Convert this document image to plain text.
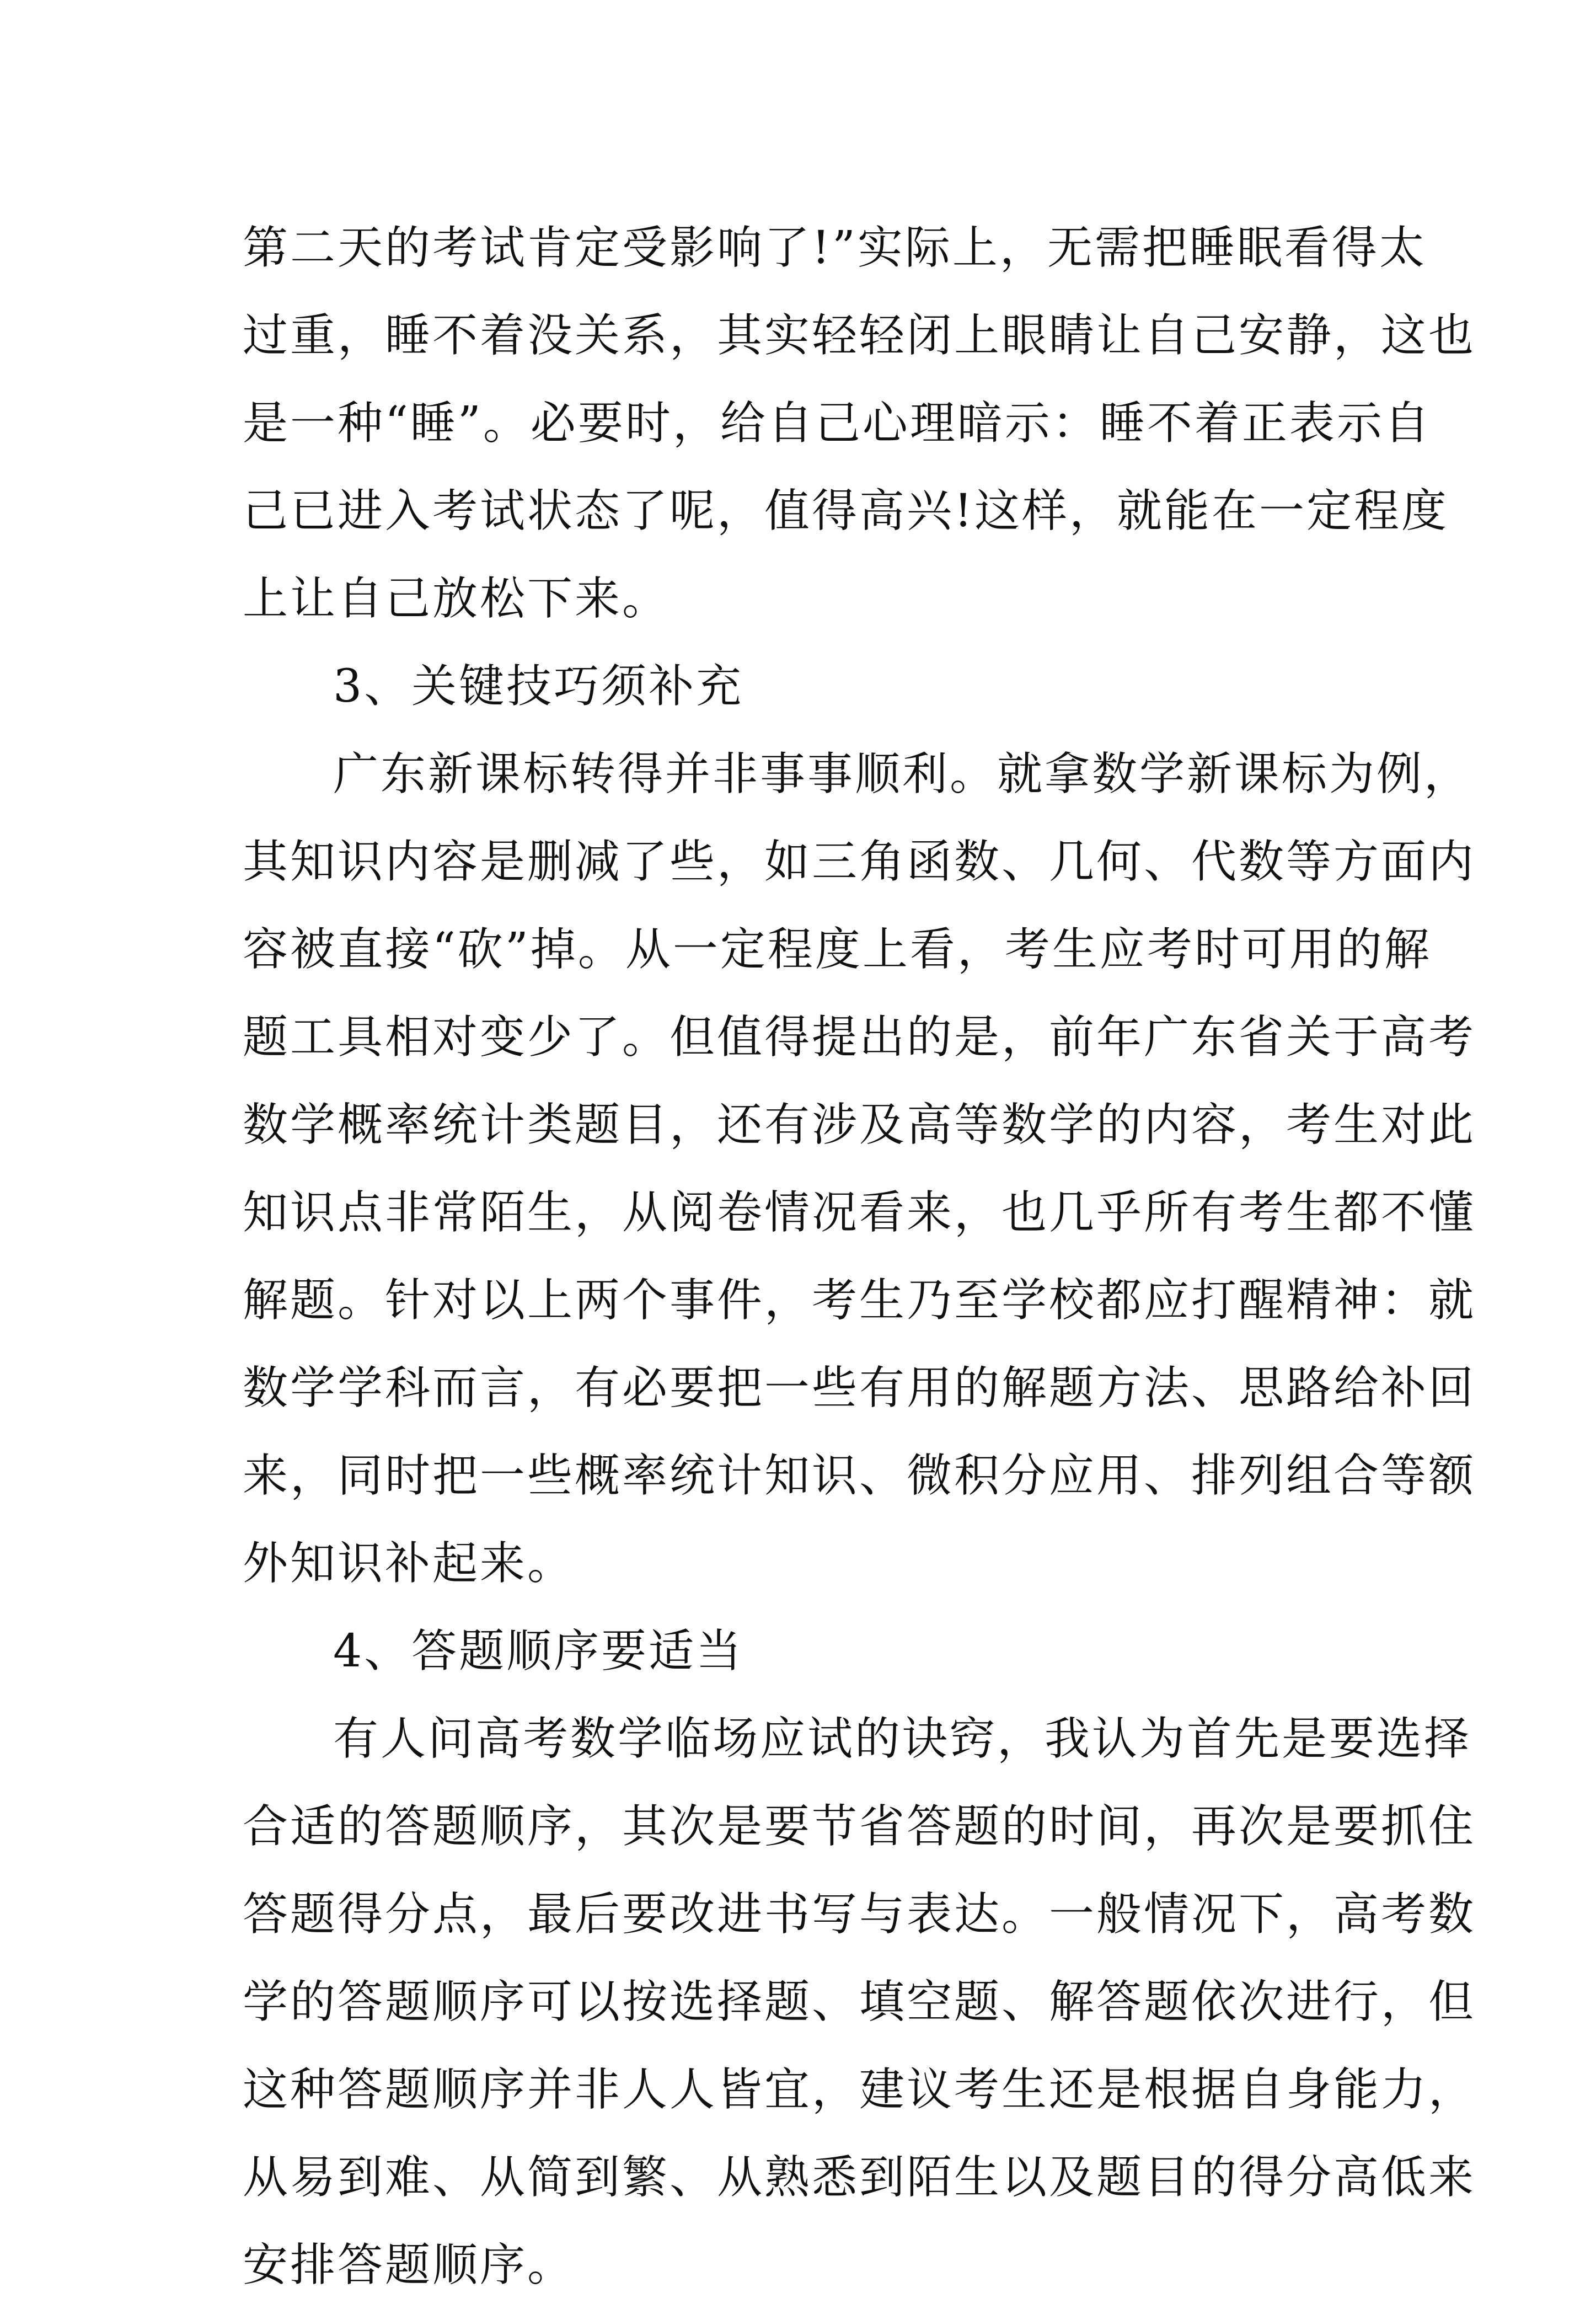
第二天的考试肯定受影响了!”实际上，无需把睡眠看得太
过重，睡不着没关系，其实轻轻闭上眼睛让自己安静，这也
是一种“睡”。必要时，给自己心理暗示：睡不着正表示自
己已进入考试状态了呢，值得高兴!这样，就能在一定程度
上让自己放松下来。
3、关键技巧须补充
广东新课标转得并非事事顺利。就拿数学新课标为例，
其知识内容是删减了些，如三角函数、几何、代数等方面内
容被直接“砍”掉。从一定程度上看，考生应考时可用的解
题工具相对变少了。但值得提出的是，前年广东省关于高考
数学概率统计类题目，还有涉及高等数学的内容，考生对此
知识点非常陌生，从阅卷情况看来，也几乎所有考生都不懂
解题。针对以上两个事件，考生乃至学校都应打醒精神：就
数学学科而言，有必要把一些有用的解题方法、思路给补回
来，同时把一些概率统计知识、微积分应用、排列组合等额
外知识补起来。
4、答题顺序要适当
有人问高考数学临场应试的诀窍，我认为首先是要选择
合适的答题顺序，其次是要节省答题的时间，再次是要抓住
答题得分点，最后要改进书写与表达。一般情况下，高考数
学的答题顺序可以按选择题、填空题、解答题依次进行，但
这种答题顺序并非人人皆宜，建议考生还是根据自身能力，
从易到难、从简到繁、从熟悉到陌生以及题目的得分高低来
安排答题顺序。
